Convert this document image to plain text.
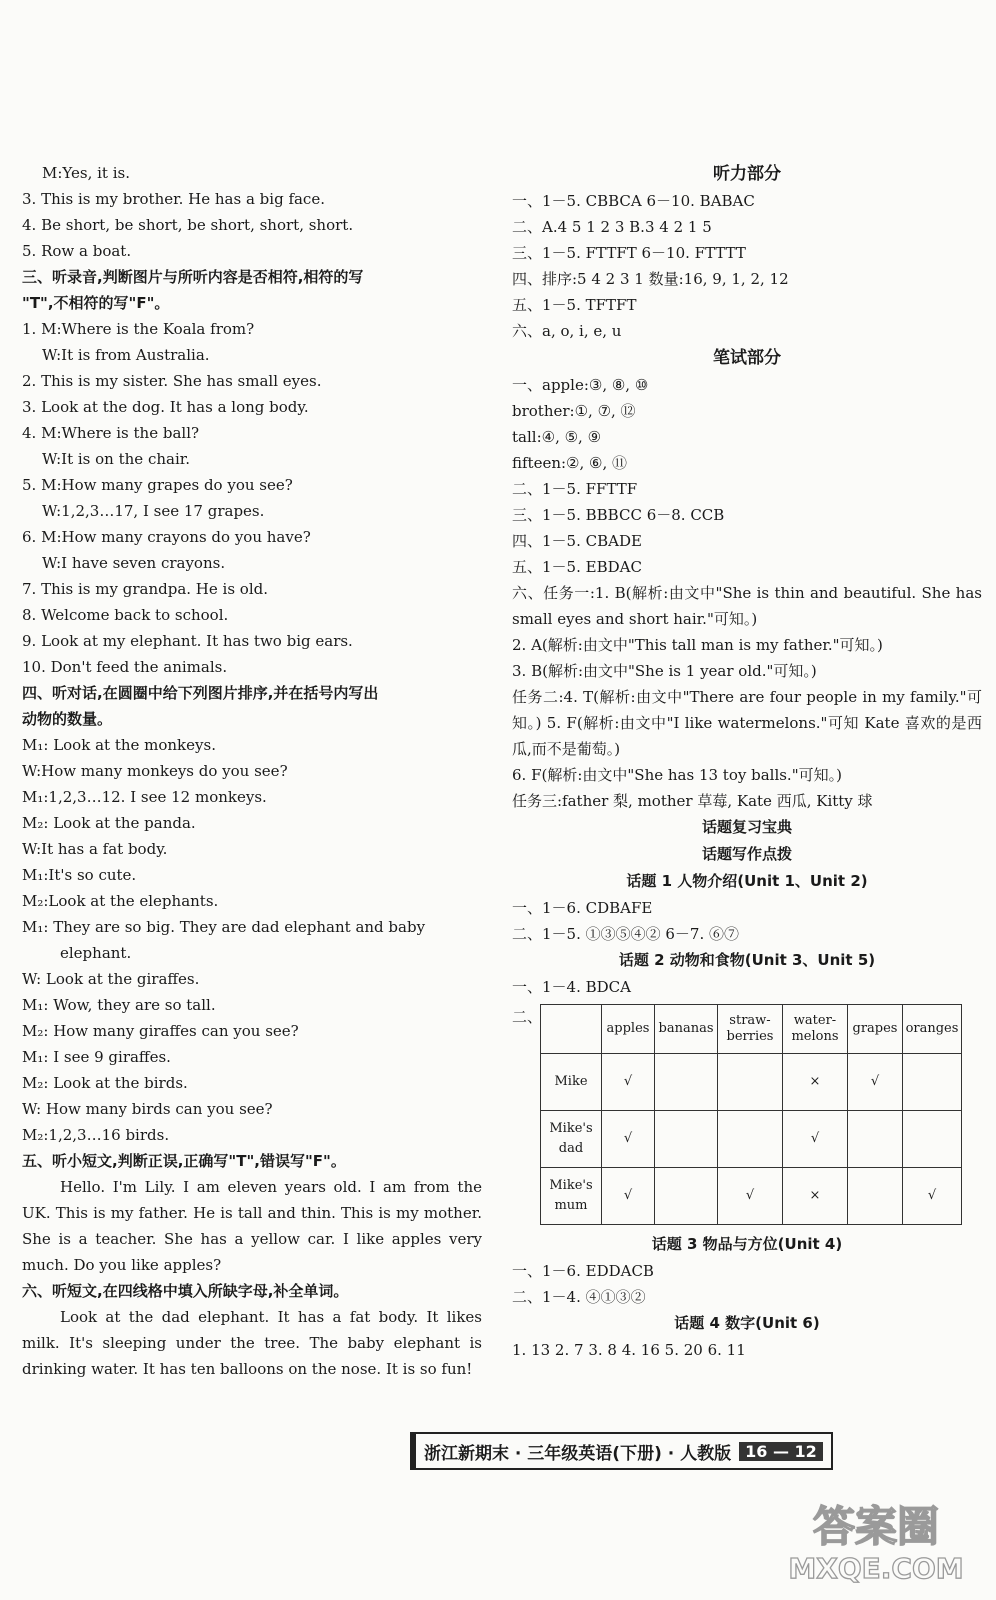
M:Yes, it is.
3. This is my brother. He has a big face.
4. Be short, be short, be short, short, short.
5. Row a boat.
三、听录音,判断图片与所听内容是否相符,相符的写
"T",不相符的写"F"。
1. M:Where is the Koala from?
W:It is from Australia.
2. This is my sister. She has small eyes.
3. Look at the dog. It has a long body.
4. M:Where is the ball?
W:It is on the chair.
5. M:How many grapes do you see?
W:1,2,3…17, I see 17 grapes.
6. M:How many crayons do you have?
W:I have seven crayons.
7. This is my grandpa. He is old.
8. Welcome back to school.
9. Look at my elephant. It has two big ears.
10. Don't feed the animals.
四、听对话,在圆圈中给下列图片排序,并在括号内写出
动物的数量。
M₁: Look at the monkeys.
W:How many monkeys do you see?
M₁:1,2,3…12. I see 12 monkeys.
M₂: Look at the panda.
W:It has a fat body.
M₁:It's so cute.
M₂:Look at the elephants.
M₁: They are so big. They are dad elephant and baby
elephant.
W: Look at the giraffes.
M₁: Wow, they are so tall.
M₂: How many giraffes can you see?
M₁: I see 9 giraffes.
M₂: Look at the birds.
W: How many birds can you see?
M₂:1,2,3…16 birds.
五、听小短文,判断正误,正确写"T",错误写"F"。
Hello. I'm Lily. I am eleven years old. I am from the UK. This is my father. He is tall and thin. This is my mother. She is a teacher. She has a yellow car. I like apples very much. Do you like apples?
六、听短文,在四线格中填入所缺字母,补全单词。
Look at the dad elephant. It has a fat body. It likes milk. It's sleeping under the tree. The baby elephant is drinking water. It has ten balloons on the nose. It is so fun!
听力部分
一、1－5. CBBCA 6－10. BABAC
二、A.4 5 1 2 3 B.3 4 2 1 5
三、1－5. FTTFT 6－10. FTTTT
四、排序:5 4 2 3 1 数量:16, 9, 1, 2, 12
五、1－5. TFTFT
六、a, o, i, e, u
笔试部分
一、apple:③, ⑧, ⑩
brother:①, ⑦, ⑫
tall:④, ⑤, ⑨
fifteen:②, ⑥, ⑪
二、1－5. FFTTF
三、1－5. BBBCC 6－8. CCB
四、1－5. CBADE
五、1－5. EBDAC
六、任务一:1. B(解析:由文中"She is thin and beautiful. She has small eyes and short hair."可知。)
2. A(解析:由文中"This tall man is my father."可知。)
3. B(解析:由文中"She is 1 year old."可知。)
任务二:4. T(解析:由文中"There are four people in my family."可知。) 5. F(解析:由文中"I like watermelons."可知 Kate 喜欢的是西瓜,而不是葡萄。)
6. F(解析:由文中"She has 13 toy balls."可知。)
任务三:father 梨, mother 草莓, Kate 西瓜, Kitty 球
话题复习宝典
话题写作点拨
话题 1 人物介绍(Unit 1、Unit 2)
一、1－6. CDBAFE
二、1－5. ①③⑤④② 6－7. ⑥⑦
话题 2 动物和食物(Unit 3、Unit 5)
一、1－4. BDCA
二、
	apples	bananas	straw-berries	water-melons	grapes	oranges
Mike	√			×	√	
Mike's dad	√			√		
Mike's mum	√		√	×		√
话题 3 物品与方位(Unit 4)
一、1－6. EDDACB
二、1－4. ④①③②
话题 4 数字(Unit 6)
1. 13 2. 7 3. 8 4. 16 5. 20 6. 11
浙江新期末 · 三年级英语(下册) · 人教版 16 — 12
答案圈
MXQE.COM
